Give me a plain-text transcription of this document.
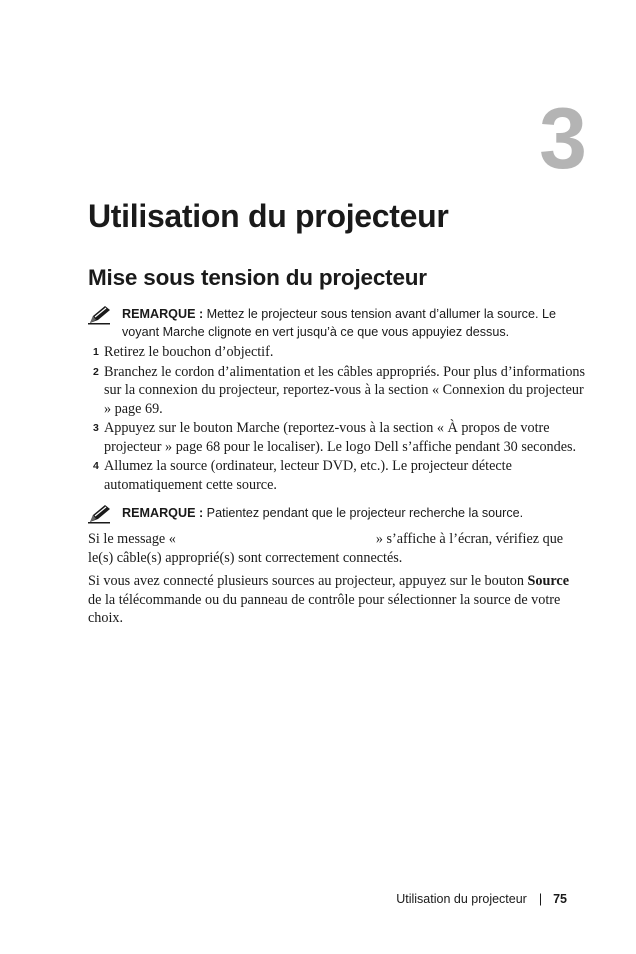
3
Utilisation du projecteur
Mise sous tension du projecteur
REMARQUE : Mettez le projecteur sous tension avant d’allumer la source. Le voyant Marche clignote en vert jusqu’à ce que vous appuyiez dessus.
1 Retirez le bouchon d’objectif.
2 Branchez le cordon d’alimentation et les câbles appropriés. Pour plus d’informations sur la connexion du projecteur, reportez-vous à la section « Connexion du projecteur » page 69.
3 Appuyez sur le bouton Marche (reportez-vous à la section « À propos de votre projecteur » page 68 pour le localiser). Le logo Dell s’affiche pendant 30 secondes.
4 Allumez la source (ordinateur, lecteur DVD, etc.). Le projecteur détecte automatiquement cette source.
REMARQUE : Patientez pendant que le projecteur recherche la source.
Si le message «	» s’affiche à l’écran, vérifiez que le(s) câble(s) approprié(s) sont correctement connectés.
Si vous avez connecté plusieurs sources au projecteur, appuyez sur le bouton Source de la télécommande ou du panneau de contrôle pour sélectionner la source de votre choix.
Utilisation du projecteur | 75
